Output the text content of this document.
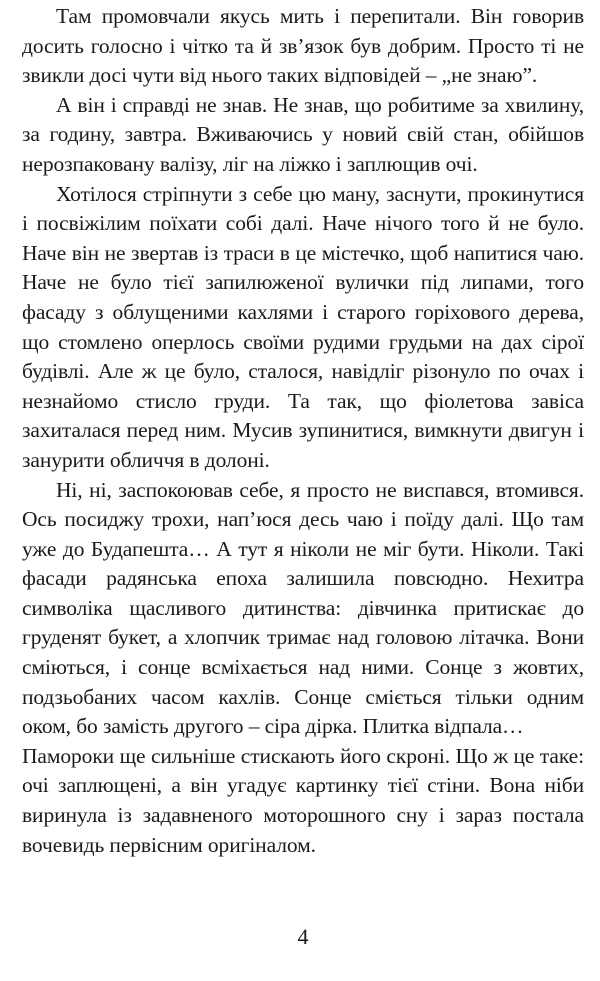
Там промовчали якусь мить і перепитали. Він говорив досить голосно і чітко та й зв’язок був добрим. Просто ті не звикли досі чути від нього таких відповідей – „не знаю”.

А він і справді не знав. Не знав, що робитиме за хвилину, за годину, завтра. Вживаючись у новий свій стан, обійшов нерозпаковану валізу, ліг на ліжко і заплющив очі.

Хотілося стріпнути з себе цю ману, заснути, прокинутися і посвіжілим поїхати собі далі. Наче нічого того й не було. Наче він не звертав із траси в це містечко, щоб напитися чаю. Наче не було тієї запилюженої вулички під липами, того фасаду з облущеними кахлями і старого горіхового дерева, що стомлено оперлось своїми рудими грудьми на дах сірої будівлі. Але ж це було, сталося, навідліг різонуло по очах і незнайомо стисло груди. Та так, що фіолетова завіса захиталася перед ним. Мусив зупинитися, вимкнути двигун і занурити обличчя в долоні.

Ні, ні, заспокоював себе, я просто не виспався, втомився. Ось посиджу трохи, нап’юся десь чаю і поїду далі. Що там уже до Будапешта… А тут я ніколи не міг бути. Ніколи. Такі фасади радянська епоха залишила повсюдно. Нехитра символіка щасливого дитинства: дівчинка притискає до груденят букет, а хлопчик тримає над головою літачка. Вони сміються, і сонце всміхається над ними. Сонце з жовтих, подзьобаних часом кахлів. Сонце сміється тільки одним оком, бо замість другого – сіра дірка. Плитка відпала…

Памороки ще сильніше стискають його скроні. Що ж це таке: очі заплющені, а він угадує картинку тієї стіни. Вона ніби виринула із задавненого моторошного сну і зараз постала вочевидь первісним оригіналом.

4
